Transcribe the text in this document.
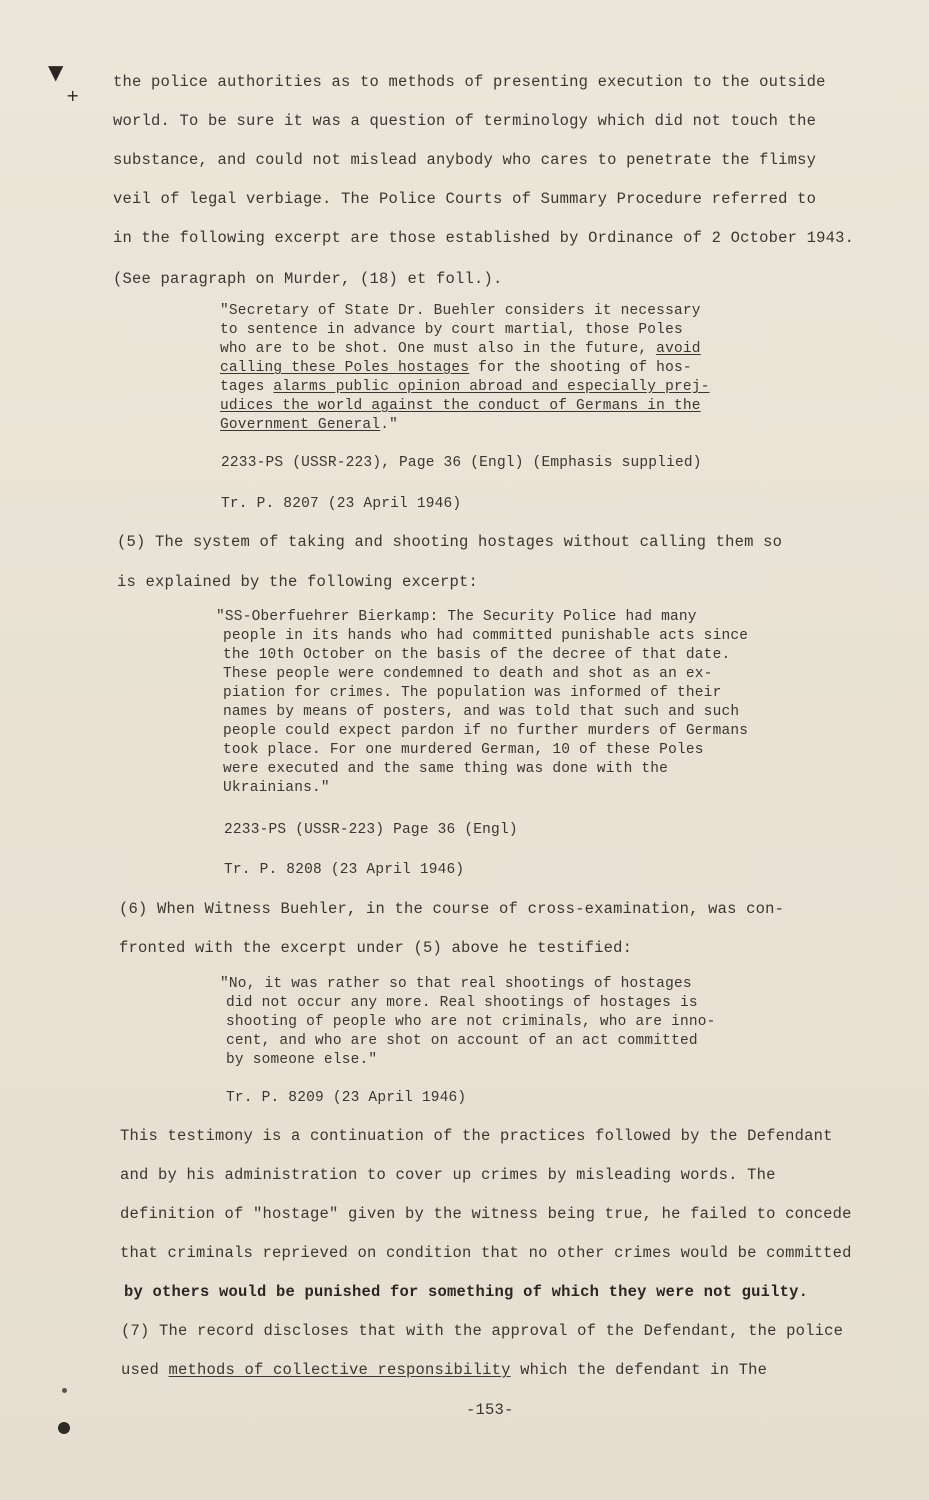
▼
+
the police authorities as to methods of presenting execution to the outside
world. To be sure it was a question of terminology which did not touch the
substance, and could not mislead anybody who cares to penetrate the flimsy
veil of legal verbiage. The Police Courts of Summary Procedure referred to
in the following excerpt are those established by Ordinance of 2 October 1943.
(See paragraph on Murder, (18) et foll.).
"Secretary of State Dr. Buehler considers it necessary
to sentence in advance by court martial, those Poles
who are to be shot. One must also in the future, avoid
calling these Poles hostages for the shooting of hos-
tages alarms public opinion abroad and especially prej-
udices the world against the conduct of Germans in the
Government General."
2233-PS (USSR-223), Page 36 (Engl) (Emphasis supplied)
Tr. P. 8207 (23 April 1946)
(5) The system of taking and shooting hostages without calling them so
is explained by the following excerpt:
"SS-Oberfuehrer Bierkamp: The Security Police had many
people in its hands who had committed punishable acts since
the 10th October on the basis of the decree of that date.
These people were condemned to death and shot as an ex-
piation for crimes. The population was informed of their
names by means of posters, and was told that such and such
people could expect pardon if no further murders of Germans
took place. For one murdered German, 10 of these Poles
were executed and the same thing was done with the
Ukrainians."
2233-PS (USSR-223) Page 36 (Engl)
Tr. P. 8208 (23 April 1946)
(6) When Witness Buehler, in the course of cross-examination, was con-
fronted with the excerpt under (5) above he testified:
"No, it was rather so that real shootings of hostages
did not occur any more. Real shootings of hostages is
shooting of people who are not criminals, who are inno-
cent, and who are shot on account of an act committed
by someone else."
Tr. P. 8209 (23 April 1946)
This testimony is a continuation of the practices followed by the Defendant
and by his administration to cover up crimes by misleading words. The
definition of "hostage" given by the witness being true, he failed to concede
that criminals reprieved on condition that no other crimes would be committed
by others would be punished for something of which they were not guilty.
(7) The record discloses that with the approval of the Defendant, the police
used methods of collective responsibility which the defendant in The
-153-
